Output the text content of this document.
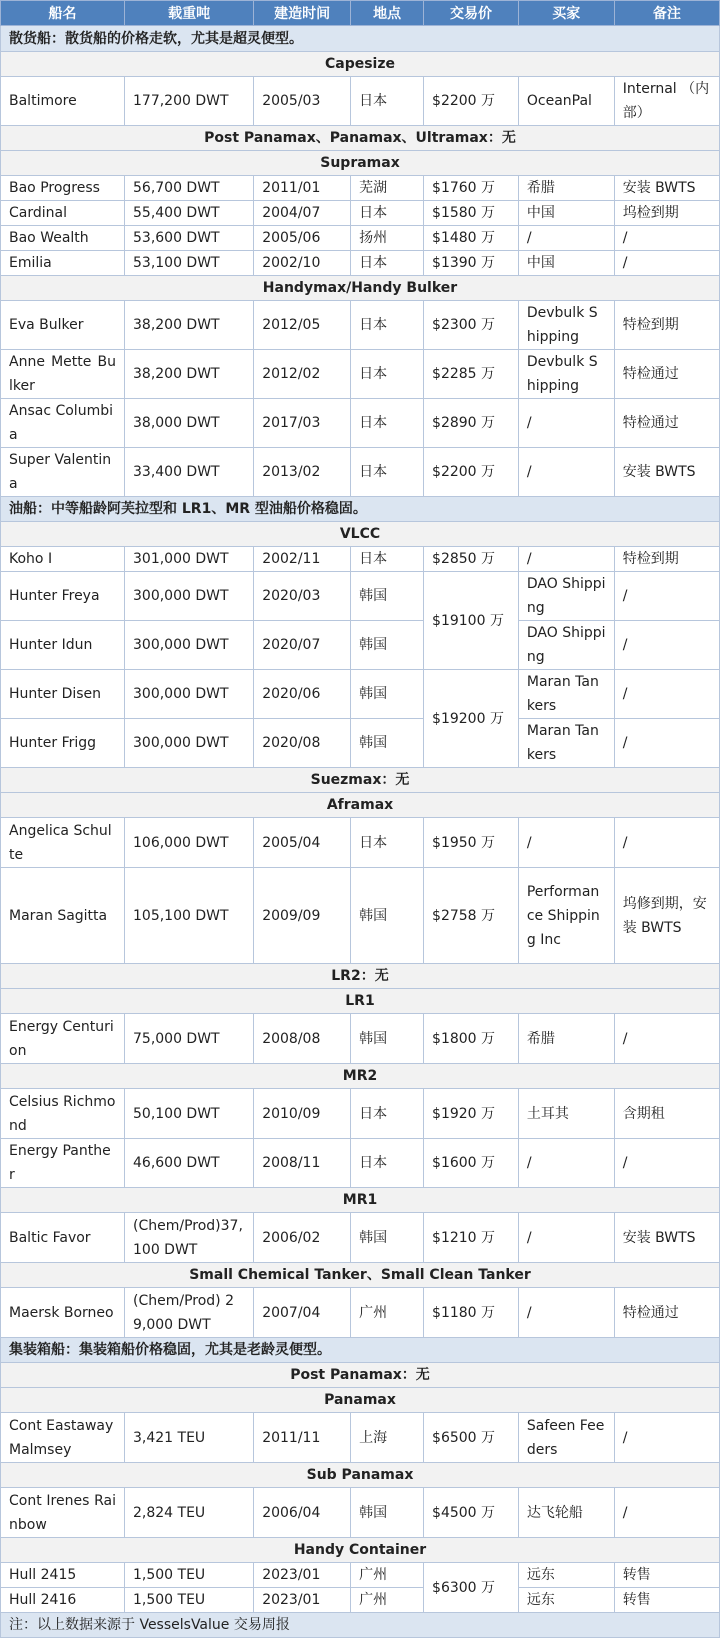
船名	载重吨	建造时间	地点	交易价	买家	备注
散货船：散货船的价格走软，尤其是超灵便型。						
Capesize						
Baltimore	177,200 DWT	2005/03	日本	$2200 万	OceanPal	Internal （内部）
Post Panamax、Panamax、Ultramax：无						
Supramax						
Bao Progress	56,700 DWT	2011/01	芜湖	$1760 万	希腊	安装 BWTS
Cardinal	55,400 DWT	2004/07	日本	$1580 万	中国	坞检到期
Bao Wealth	53,600 DWT	2005/06	扬州	$1480 万	/	/
Emilia	53,100 DWT	2002/10	日本	$1390 万	中国	/
Handymax/Handy Bulker						
Eva Bulker	38,200 DWT	2012/05	日本	$2300 万	Devbulk Shipping	特检到期
Anne Mette Bulker	38,200 DWT	2012/02	日本	$2285 万	Devbulk Shipping	特检通过
Ansac Columbia	38,000 DWT	2017/03	日本	$2890 万	/	特检通过
Super Valentina	33,400 DWT	2013/02	日本	$2200 万	/	安装 BWTS
油船：中等船龄阿芙拉型和 LR1、MR 型油船价格稳固。						
VLCC						
Koho I	301,000 DWT	2002/11	日本	$2850 万	/	特检到期
Hunter Freya	300,000 DWT	2020/03	韩国	$19100 万	DAO Shipping	/
Hunter Idun	300,000 DWT	2020/07	韩国		DAO Shipping	/
Hunter Disen	300,000 DWT	2020/06	韩国	$19200 万	Maran Tankers	/
Hunter Frigg	300,000 DWT	2020/08	韩国		Maran Tankers	/
Suezmax：无						
Aframax						
Angelica Schulte	106,000 DWT	2005/04	日本	$1950 万	/	/
Maran Sagitta	105,100 DWT	2009/09	韩国	$2758 万	Performance Shipping Inc	坞修到期，安装 BWTS
LR2：无						
LR1						
Energy Centurion	75,000 DWT	2008/08	韩国	$1800 万	希腊	/
MR2						
Celsius Richmond	50,100 DWT	2010/09	日本	$1920 万	土耳其	含期租
Energy Panther	46,600 DWT	2008/11	日本	$1600 万	/	/
MR1						
Baltic Favor	(Chem/Prod)37,100 DWT	2006/02	韩国	$1210 万	/	安装 BWTS
Small Chemical Tanker、Small Clean Tanker						
Maersk Borneo	(Chem/Prod) 29,000 DWT	2007/04	广州	$1180 万	/	特检通过
集装箱船：集装箱船价格稳固，尤其是老龄灵便型。						
Post Panamax：无						
Panamax						
Cont Eastaway Malmsey	3,421 TEU	2011/11	上海	$6500 万	Safeen Feeders	/
Sub Panamax						
Cont Irenes Rainbow	2,824 TEU	2006/04	韩国	$4500 万	达飞轮船	/
Handy Container						
Hull 2415	1,500 TEU	2023/01	广州	$6300 万	远东	转售
Hull 2416	1,500 TEU	2023/01	广州		远东	转售
注：以上数据来源于 VesselsValue 交易周报						
